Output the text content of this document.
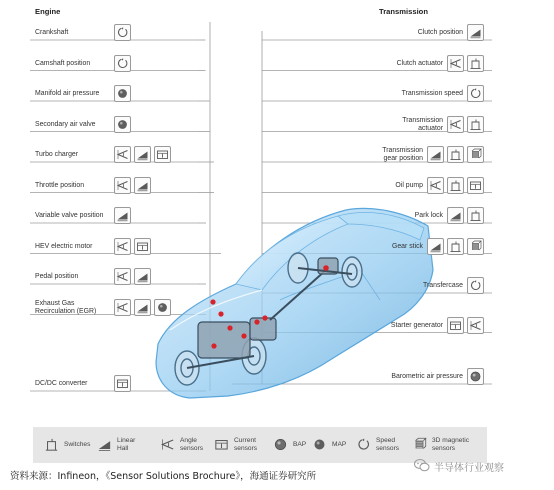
Engine	Transmission
Crankshaft
Camshaft position
Manifold air pressure
Secondary air valve
Turbo charger
Throttle position
Variable valve position
HEV electric motor
Pedal position
Exhaust Gas
Recirculation (EGR)
DC/DC converter
Clutch position
Clutch actuator
Transmission speed
Transmission
actuator
Transmission
gear position
Oil pump
Park lock
Gear stick
Transfercase
Starter generator
Barometric air pressure
Switches
Linear
Hall
Angle
sensors
Current
sensors	BAP	MAP
Speed
sensors
3D magnetic
sensors
资料来源：Infineon，《Sensor Solutions Brochure》，海通证券研究所
半导体行业观察
